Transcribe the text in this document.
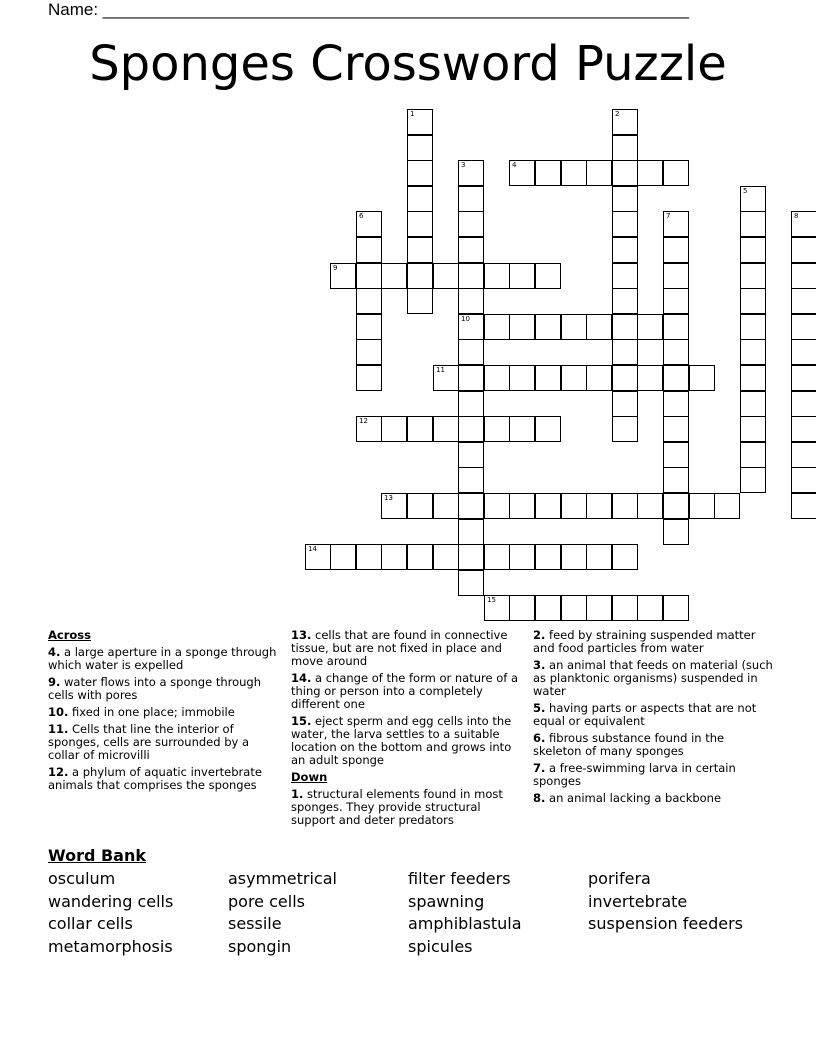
Name: ______________________________________________________________
Sponges Crossword Puzzle
1	2
3
10
4
5
6	7	8
9
11
12
13
14
15
Across
4. a large aperture in a sponge through which water is expelled
9. water flows into a sponge through cells with pores
10. fixed in one place; immobile
11. Cells that line the interior of sponges, cells are surrounded by a collar of microvilli
12. a phylum of aquatic invertebrate animals that comprises the sponges
13. cells that are found in connective tissue, but are not fixed in place and move around
14. a change of the form or nature of a thing or person into a completely different one
15. eject sperm and egg cells into the water, the larva settles to a suitable location on the bottom and grows into an adult sponge
Down
1. structural elements found in most sponges. They provide structural support and deter predators
2. feed by straining suspended matter and food particles from water
3. an animal that feeds on material (such as planktonic organisms) suspended in water
5. having parts or aspects that are not equal or equivalent
6. fibrous substance found in the skeleton of many sponges
7. a free-swimming larva in certain sponges
8. an animal lacking a backbone
Word Bank
osculum
wandering cells
collar cells
metamorphosis
asymmetrical
pore cells
sessile
spongin
filter feeders
spawning
amphiblastula
spicules
porifera
invertebrate
suspension feeders
